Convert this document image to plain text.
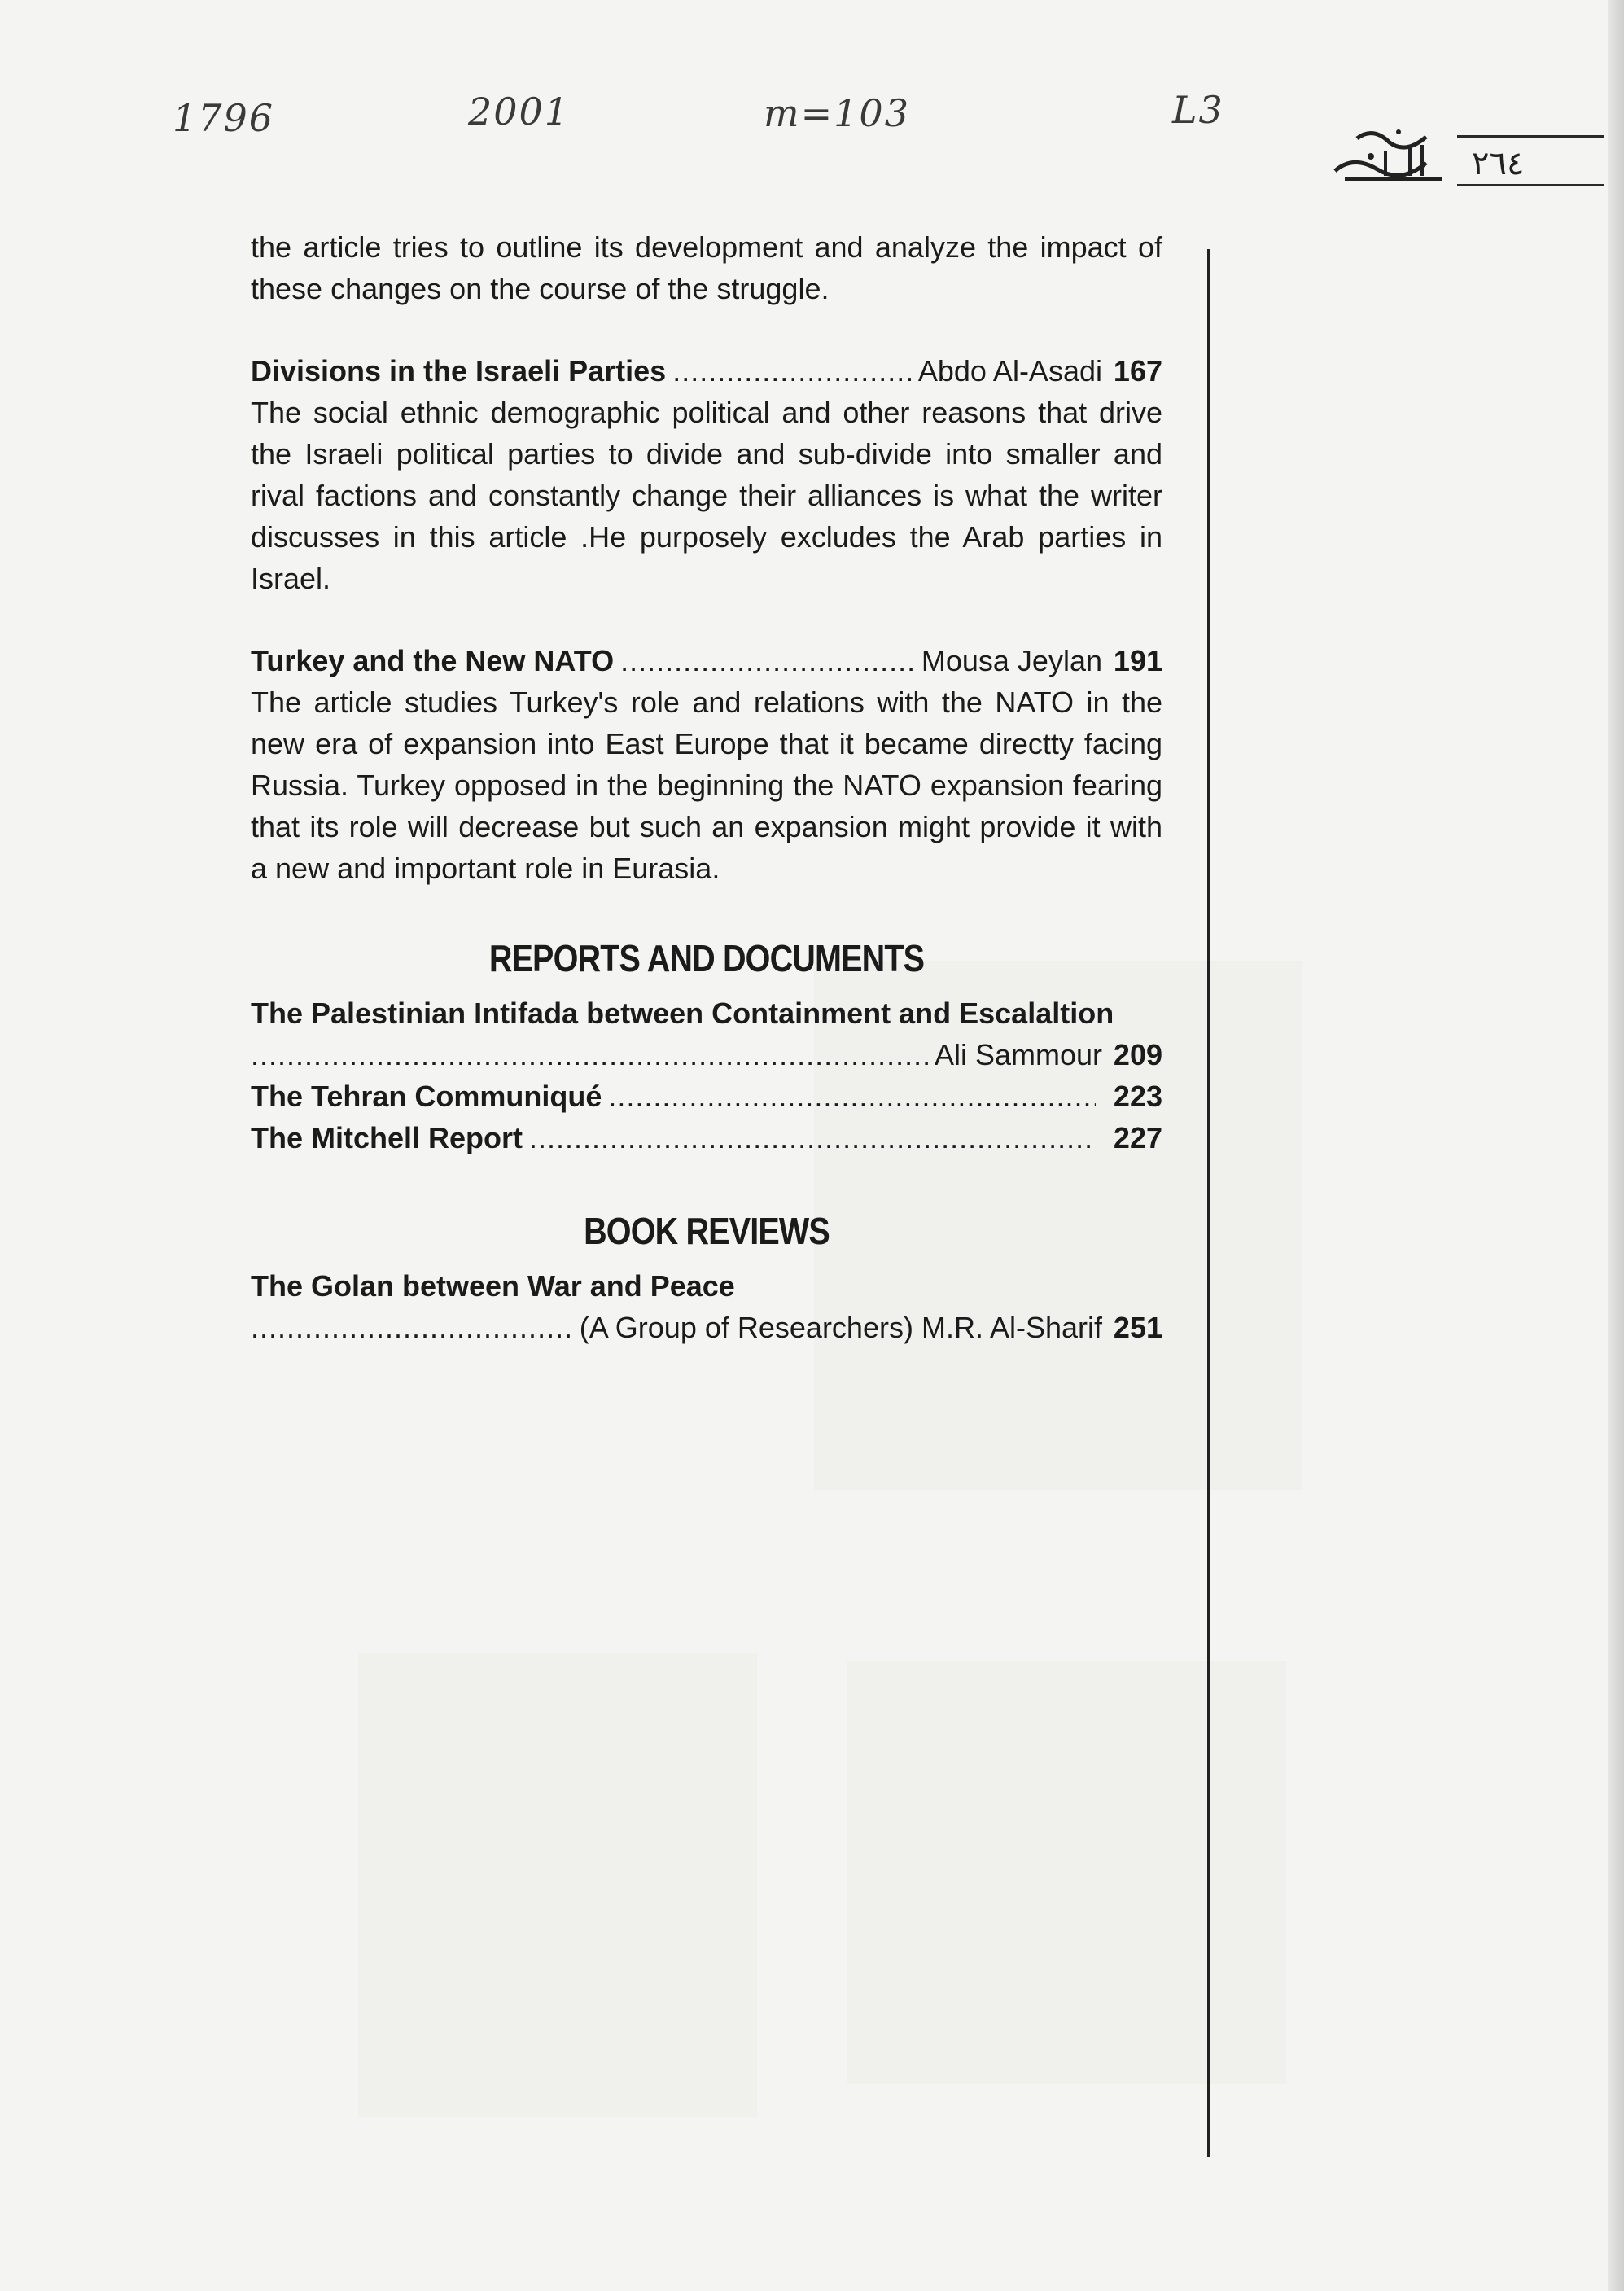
1796	2001	m=103	L3
٢٦٤

the article tries to outline its development and analyze the impact of these changes on the course of the struggle.

Divisions in the Israeli Parties .....	Abdo Al-Asadi 167

The social ethnic demographic political and other reasons that drive the Israeli political parties to divide and sub-divide into smaller and rival factions and constantly change their alliances is what the writer discusses in this article .He purposely excludes the Arab parties in Israel.

Turkey and the New NATO .....	Mousa Jeylan 191

The article studies Turkey's role and relations with the NATO in the new era of expansion into East Europe that it became directty facing Russia. Turkey opposed in the beginning the NATO expansion fearing that its role will decrease but such an expansion might provide it with a new and important role in Eurasia.

REPORTS AND DOCUMENTS
The Palestinian Intifada between Containment and Escalaltion
.....
Ali Sammour 209
The Tehran Communiqué .....	223
The Mitchell Report .....	227
BOOK REVIEWS
The Golan between War and Peace
.....
(A Group of Researchers) M.R. Al-Sharif 251
